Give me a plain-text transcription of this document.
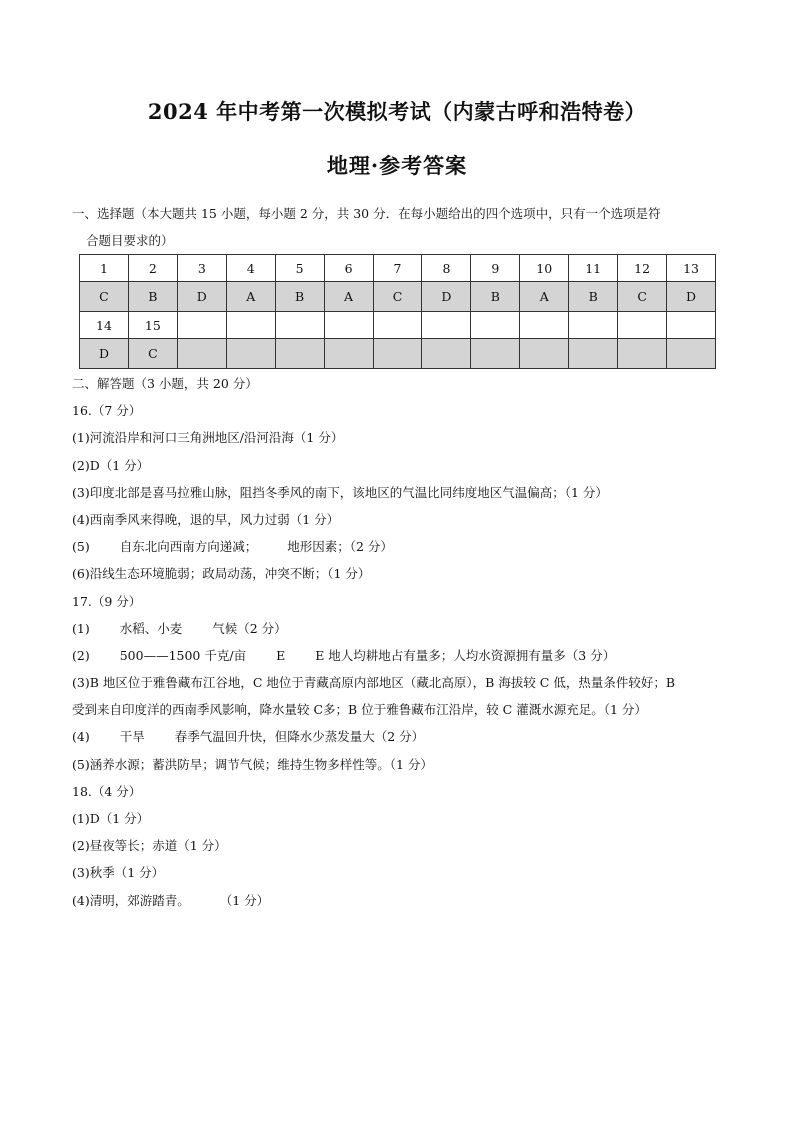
2024 年中考第一次模拟考试（内蒙古呼和浩特卷）
地理·参考答案
一、选择题（本大题共 15 小题，每小题 2 分，共 30 分．在每小题给出的四个选项中，只有一个选项是符
合题目要求的）
1	2	3	4	5	6	7	8	9	10	11	12	13
C	B	D	A	B	A	C	D	B	A	B	C	D
14	15											
D	C											
二、解答题（3 小题，共 20 分）
16.（7 分）
(1)河流沿岸和河口三角洲地区/沿河沿海（1 分）
(2)D（1 分）
(3)印度北部是喜马拉雅山脉，阻挡冬季风的南下，该地区的气温比同纬度地区气温偏高；（1 分）
(4)西南季风来得晚，退的早，风力过弱（1 分）
(5) 自东北向西南方向递减； 地形因素；（2 分）
(6)沿线生态环境脆弱；政局动荡，冲突不断；（1 分）
17.（9 分）
(1) 水稻、小麦 气候（2 分）
(2) 500——1500 千克/亩 E E 地人均耕地占有量多；人均水资源拥有量多（3 分）
(3)B 地区位于雅鲁藏布江谷地，C 地位于青藏高原内部地区（藏北高原），B 海拔较 C 低，热量条件较好；B
受到来自印度洋的西南季风影响，降水量较 C多；B 位于雅鲁藏布江沿岸，较 C 灌溉水源充足。（1 分）
(4) 干旱 春季气温回升快，但降水少蒸发量大（2 分）
(5)涵养水源；蓄洪防旱；调节气候；维持生物多样性等。（1 分）
18.（4 分）
(1)D（1 分）
(2)昼夜等长；赤道（1 分）
(3)秋季（1 分）
(4)清明，郊游踏青。 （1 分）
